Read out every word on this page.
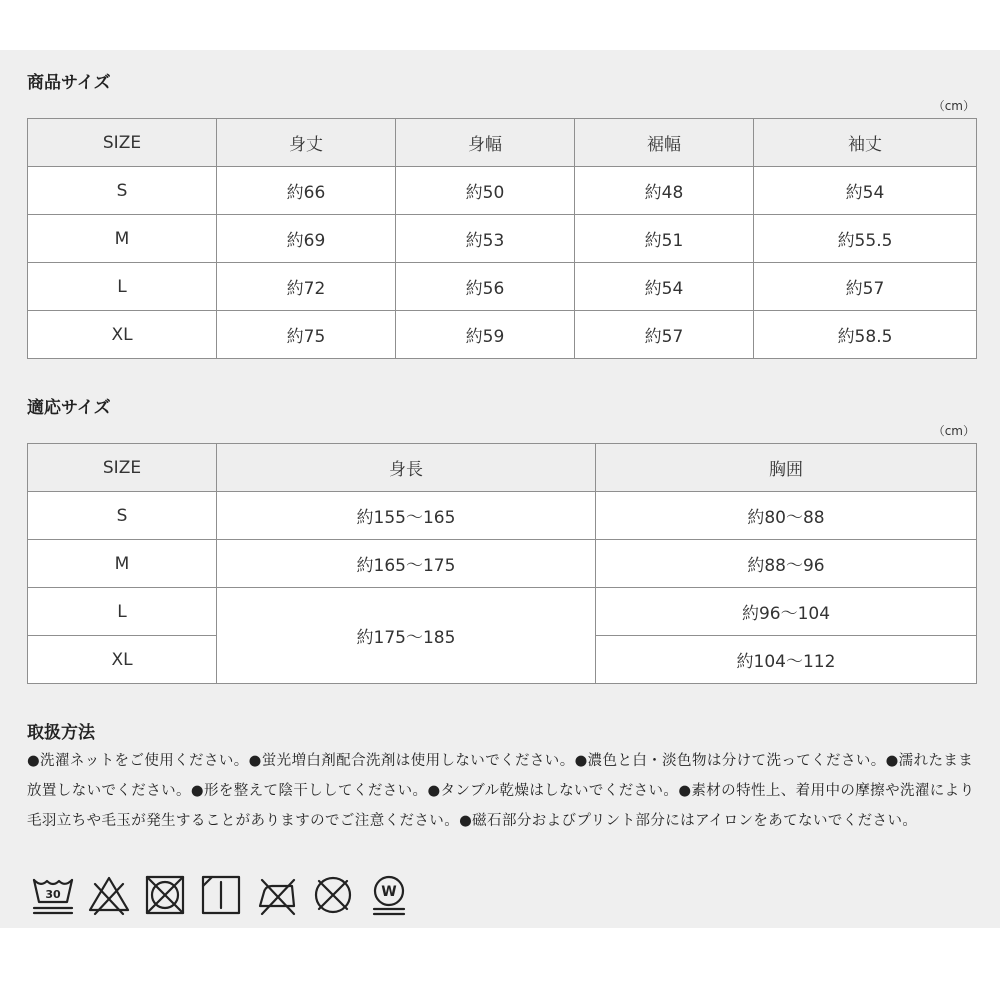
商品サイズ
（cm）
SIZE	身丈	身幅	裾幅	袖丈
S	約66	約50	約48	約54
M	約69	約53	約51	約55.5
L	約72	約56	約54	約57
XL	約75	約59	約57	約58.5
適応サイズ
（cm）
SIZE	身長	胸囲
S	約155〜165	約80〜88
M	約165〜175	約88〜96
L	約175〜185	約96〜104
XL		約104〜112
取扱方法
●洗濯ネットをご使用ください。●蛍光増白剤配合洗剤は使用しないでください。●濃色と白・淡色物は分けて洗ってください。●濡れたまま放置しないでください。●形を整えて陰干ししてください。●タンブル乾燥はしないでください。●素材の特性上、着用中の摩擦や洗濯により毛羽立ちや毛玉が発生することがありますのでご注意ください。●磁石部分およびプリント部分にはアイロンをあてないでください。
30	W
